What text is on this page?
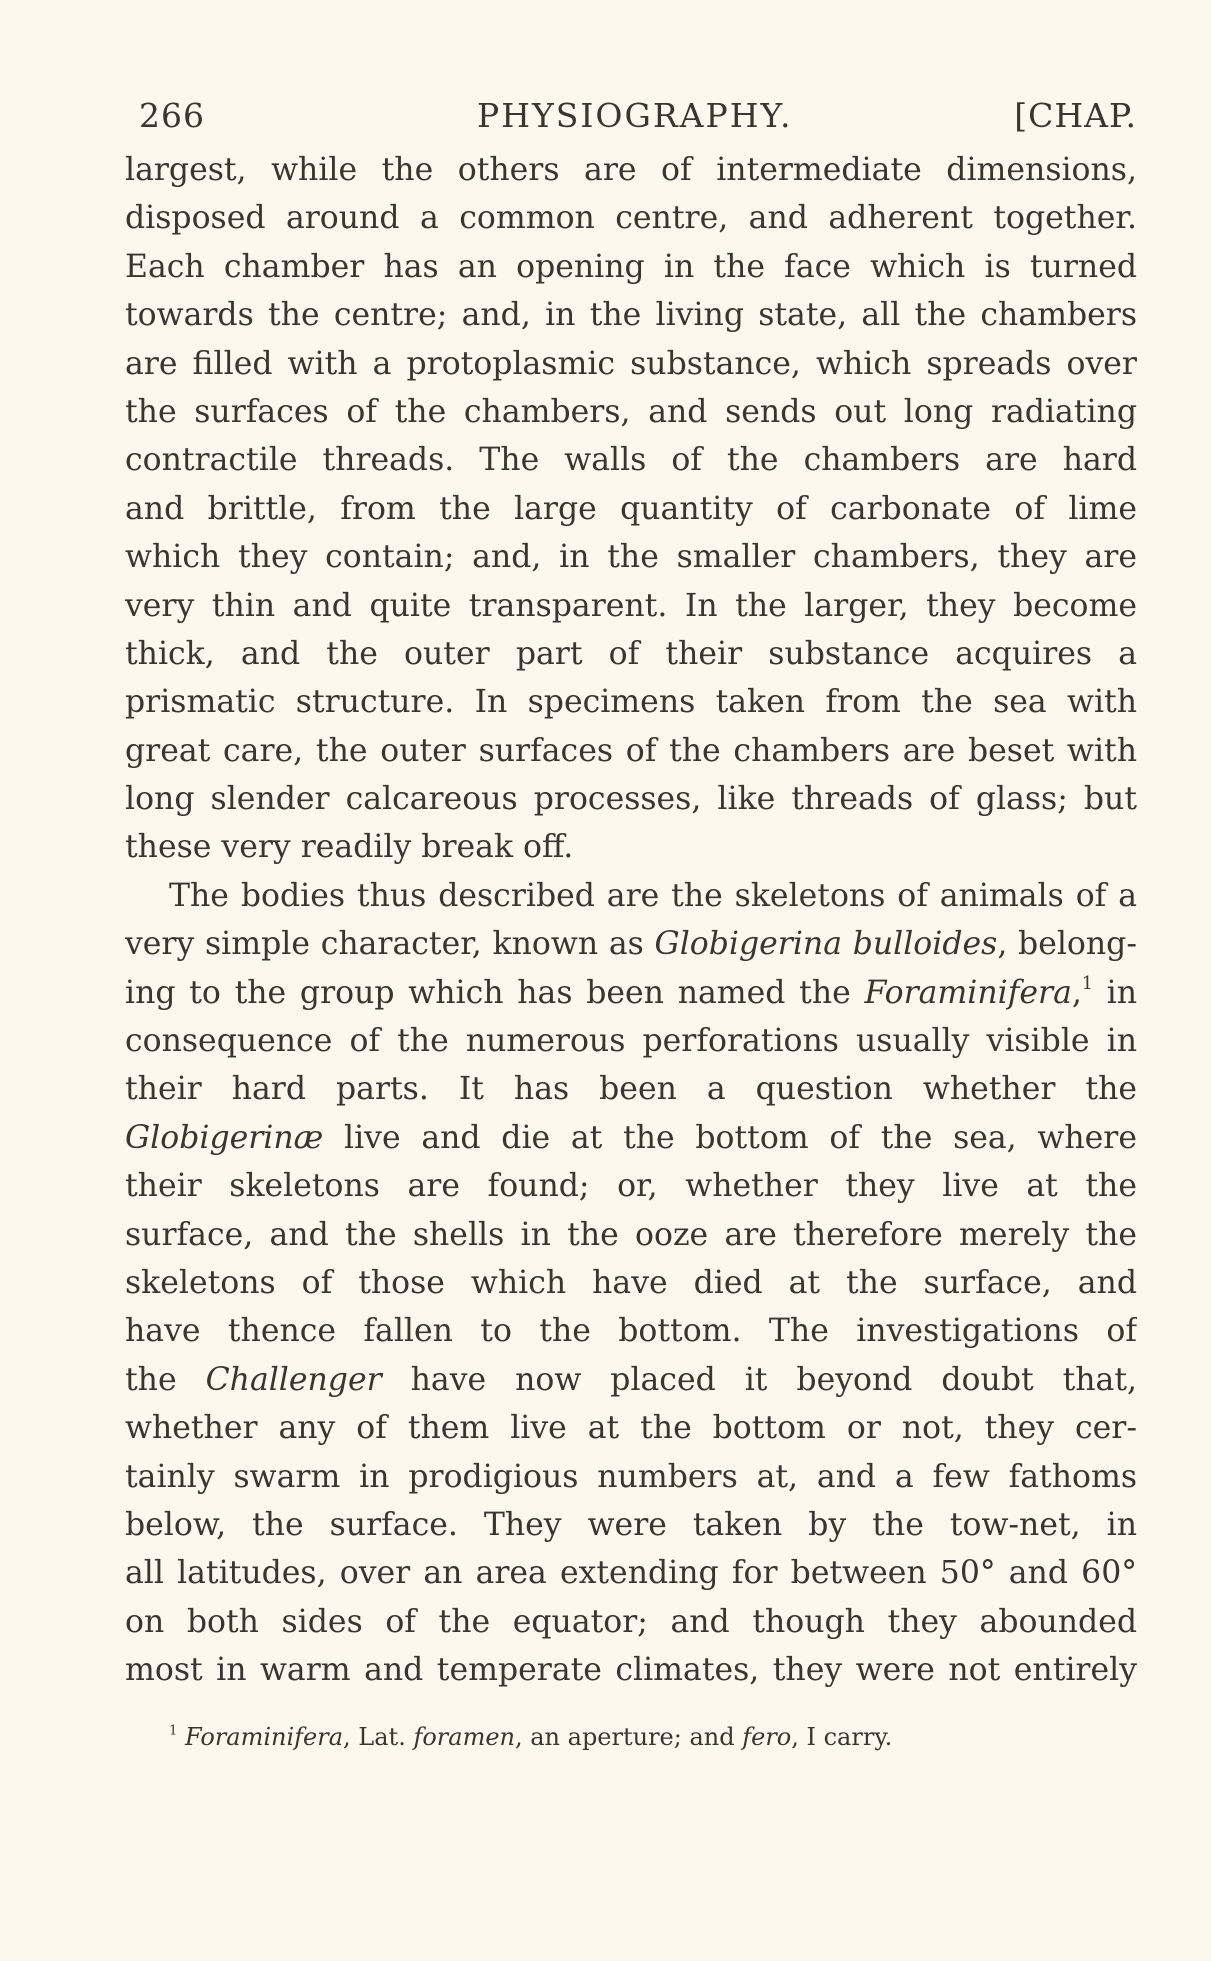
266	PHYSIOGRAPHY.	[CHAP.
largest, while the others are of intermediate dimensions,
disposed around a common centre, and adherent together.
Each chamber has an opening in the face which is turned
towards the centre; and, in the living state, all the chambers
are filled with a protoplasmic substance, which spreads over
the surfaces of the chambers, and sends out long radiating
contractile threads. The walls of the chambers are hard
and brittle, from the large quantity of carbonate of lime
which they contain; and, in the smaller chambers, they are
very thin and quite transparent. In the larger, they become
thick, and the outer part of their substance acquires a
prismatic structure. In specimens taken from the sea with
great care, the outer surfaces of the chambers are beset with
long slender calcareous processes, like threads of glass; but
these very readily break off.
The bodies thus described are the skeletons of animals of a
very simple character, known as Globigerina bulloides, belong-
ing to the group which has been named the Foraminifera,$^1$ in
consequence of the numerous perforations usually visible in
their hard parts. It has been a question whether the
Globigerinæ live and die at the bottom of the sea, where
their skeletons are found; or, whether they live at the
surface, and the shells in the ooze are therefore merely the
skeletons of those which have died at the surface, and
have thence fallen to the bottom. The investigations of
the Challenger have now placed it beyond doubt that,
whether any of them live at the bottom or not, they cer-
tainly swarm in prodigious numbers at, and a few fathoms
below, the surface. They were taken by the tow-net, in
all latitudes, over an area extending for between 50° and 60°
on both sides of the equator; and though they abounded
most in warm and temperate climates, they were not entirely
$^1$ Foraminifera, Lat. foramen, an aperture; and fero, I carry.
